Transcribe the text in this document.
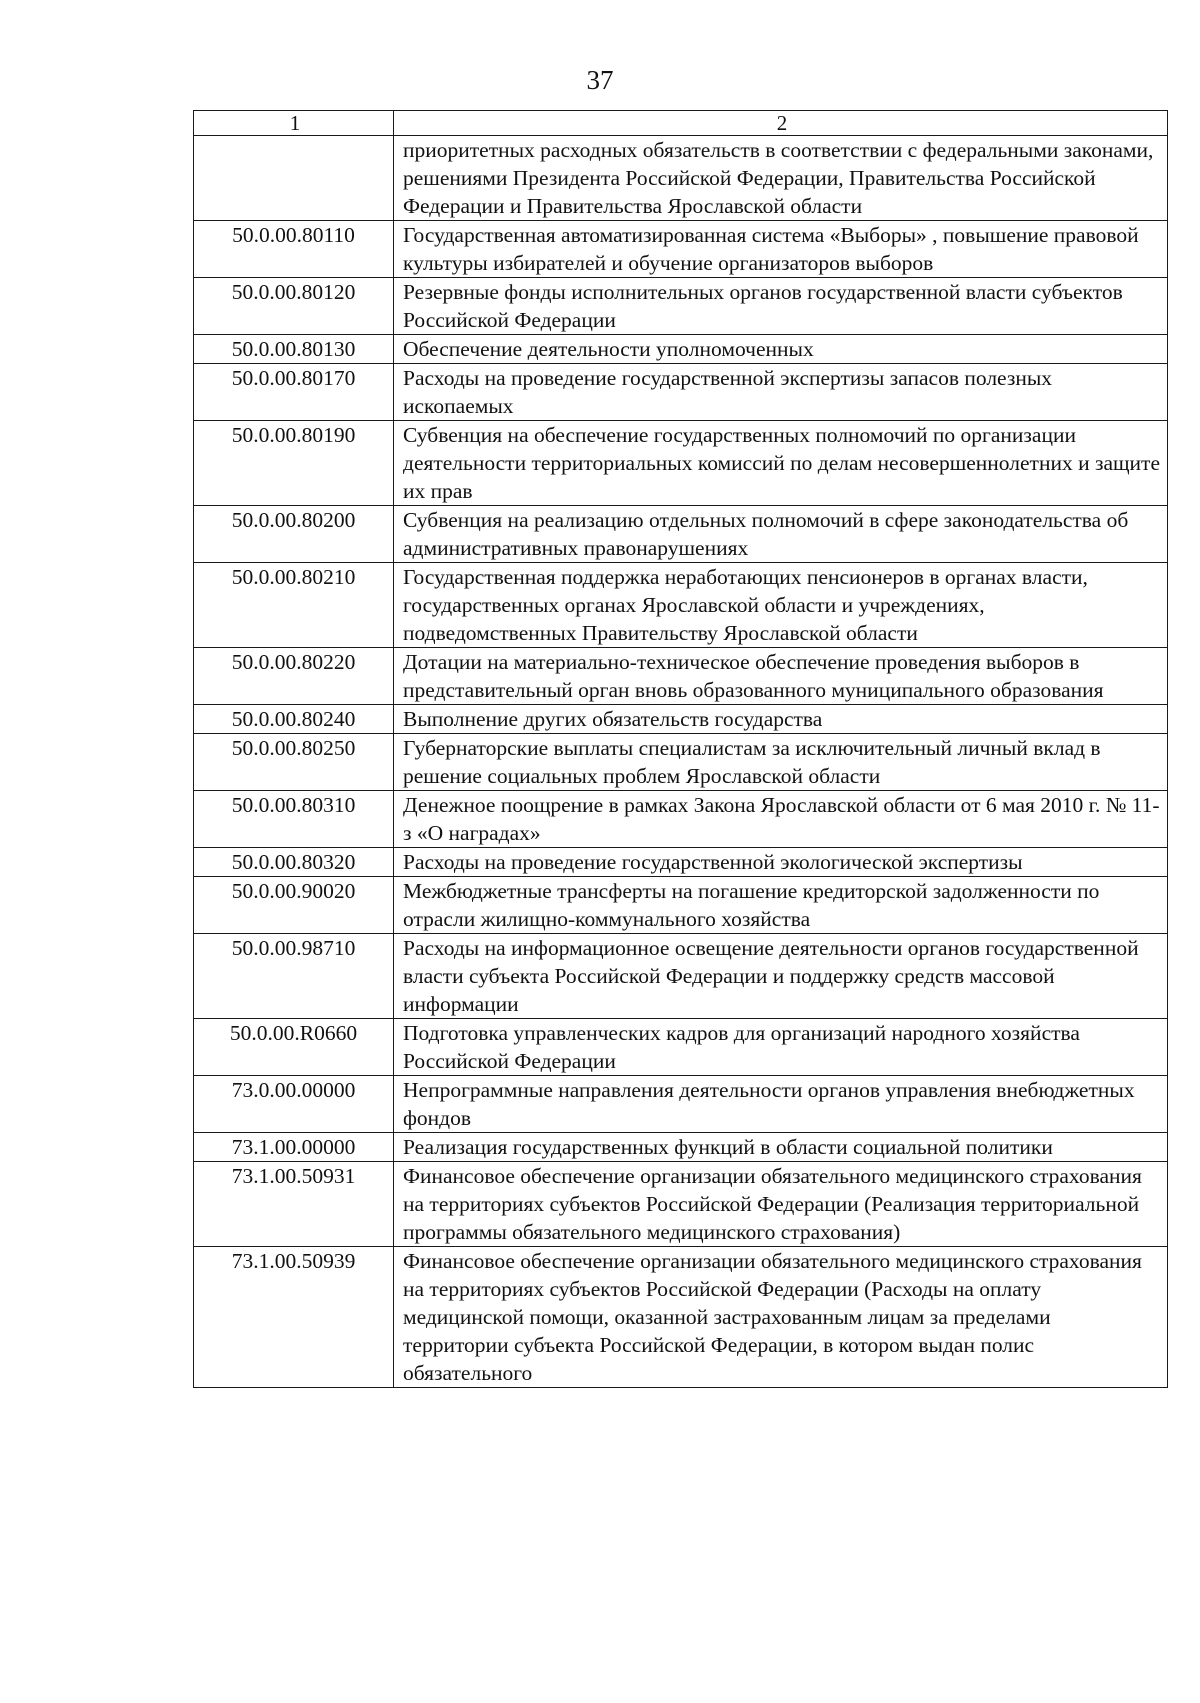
37
1	2
	приоритетных расходных обязательств в соответствии с федеральными законами, решениями Президента Российской Федерации, Правительства Российской Федерации и Правительства Ярославской области
50.0.00.80110	Государственная автоматизированная система «Выборы» , повышение правовой культуры избирателей и обучение организаторов выборов
50.0.00.80120	Резервные фонды исполнительных органов государственной власти субъектов Российской Федерации
50.0.00.80130	Обеспечение деятельности уполномоченных
50.0.00.80170	Расходы на проведение государственной экспертизы запасов полезных ископаемых
50.0.00.80190	Субвенция на обеспечение государственных полномочий по организации деятельности территориальных комиссий по делам несовершеннолетних и защите их прав
50.0.00.80200	Субвенция на реализацию отдельных полномочий в сфере законодательства об административных правонарушениях
50.0.00.80210	Государственная поддержка неработающих пенсионеров в органах власти, государственных органах Ярославской области и учреждениях, подведомственных Правительству Ярославской области
50.0.00.80220	Дотации на материально-техническое обеспечение проведения выборов в представительный орган вновь образованного муниципального образования
50.0.00.80240	Выполнение других обязательств государства
50.0.00.80250	Губернаторские выплаты специалистам за исключительный личный вклад в решение социальных проблем Ярославской области
50.0.00.80310	Денежное поощрение в рамках Закона Ярославской области от 6 мая 2010 г. № 11-з «О наградах»
50.0.00.80320	Расходы на проведение государственной экологической экспертизы
50.0.00.90020	Межбюджетные трансферты на погашение кредиторской задолженности по отрасли жилищно-коммунального хозяйства
50.0.00.98710	Расходы на информационное освещение деятельности органов государственной власти субъекта Российской Федерации и поддержку средств массовой информации
50.0.00.R0660	Подготовка управленческих кадров для организаций народного хозяйства Российской Федерации
73.0.00.00000	Непрограммные направления деятельности органов управления внебюджетных фондов
73.1.00.00000	Реализация государственных функций в области социальной политики
73.1.00.50931	Финансовое обеспечение организации обязательного медицинского страхования на территориях субъектов Российской Федерации (Реализация территориальной программы обязательного медицинского страхования)
73.1.00.50939	Финансовое обеспечение организации обязательного медицинского страхования на территориях субъектов Российской Федерации (Расходы на оплату медицинской помощи, оказанной застрахованным лицам за пределами территории субъекта Российской Федерации, в котором выдан полис обязательного
